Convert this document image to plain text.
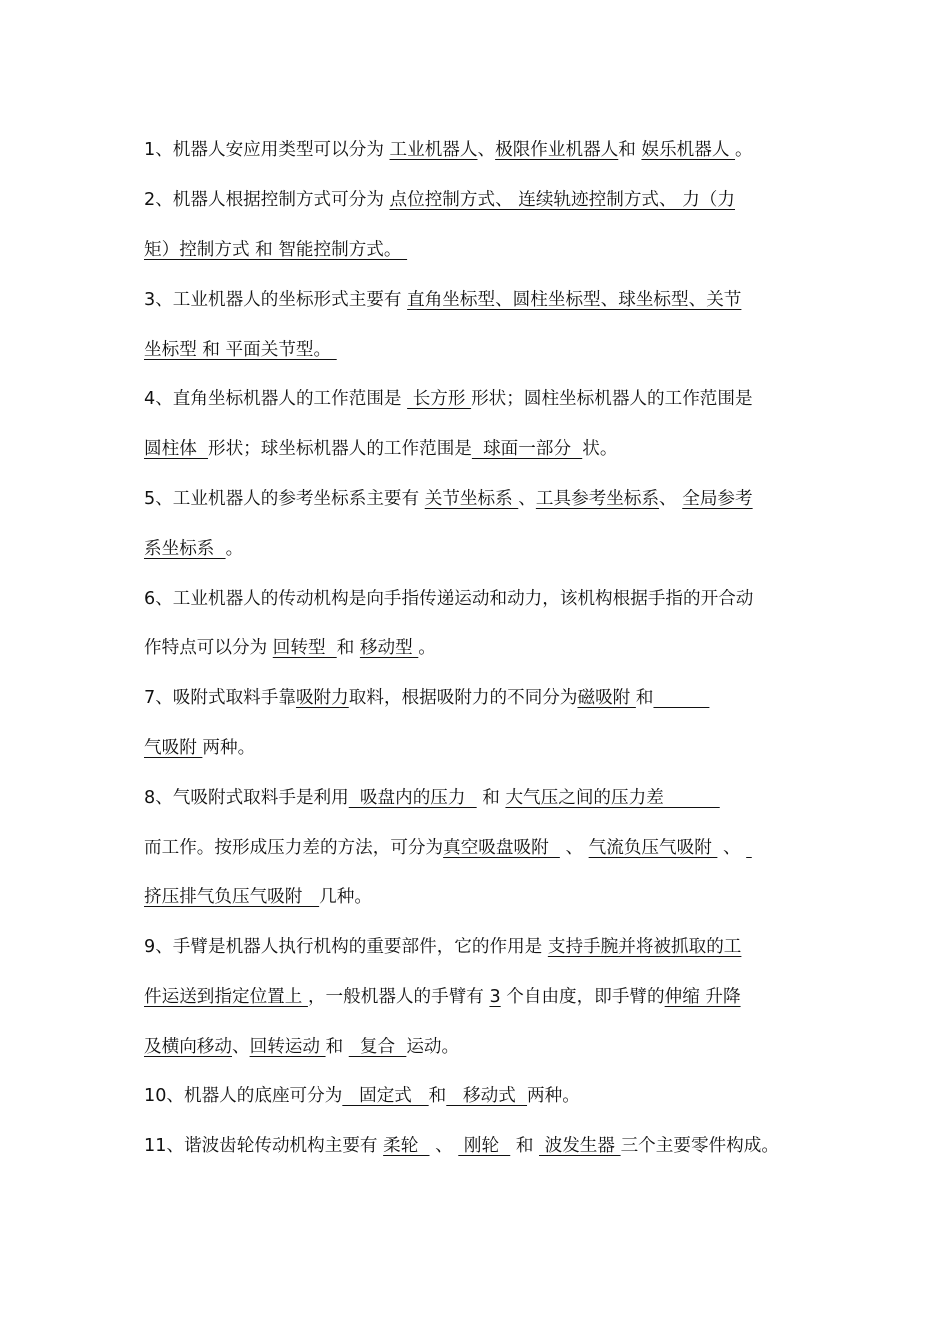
1、机器人安应用类型可以分为 工业机器人、极限作业机器人和 娱乐机器人 。
2、机器人根据控制方式可分为 点位控制方式、 连续轨迹控制方式、 力（力
矩）控制方式 和 智能控制方式。
3、工业机器人的坐标形式主要有 直角坐标型、圆柱坐标型、球坐标型、关节
坐标型 和 平面关节型。
4、直角坐标机器人的工作范围是  长方形 形状；圆柱坐标机器人的工作范围是
圆柱体  形状；球坐标机器人的工作范围是  球面一部分  状。
5、工业机器人的参考坐标系主要有 关节坐标系 、工具参考坐标系、 全局参考
系坐标系  。
6、工业机器人的传动机构是向手指传递运动和动力，该机构根据手指的开合动
作特点可以分为 回转型  和 移动型 。
7、吸附式取料手靠吸附力取料，根据吸附力的不同分为磁吸附 和
气吸附 两种。
8、气吸附式取料手是利用  吸盘内的压力   和 大气压之间的压力差
而工作。按形成压力差的方法，可分为真空吸盘吸附   、 气流负压气吸附  、
挤压排气负压气吸附   几种。
9、手臂是机器人执行机构的重要部件，它的作用是 支持手腕并将被抓取的工
件运送到指定位置上 ，一般机器人的手臂有 3 个自由度，即手臂的伸缩 升降
及横向移动、回转运动 和   复合  运动。
10、机器人的底座可分为   固定式   和   移动式  两种。
11、谐波齿轮传动机构主要有 柔轮   、  刚轮   和  波发生器 三个主要零件构成。
